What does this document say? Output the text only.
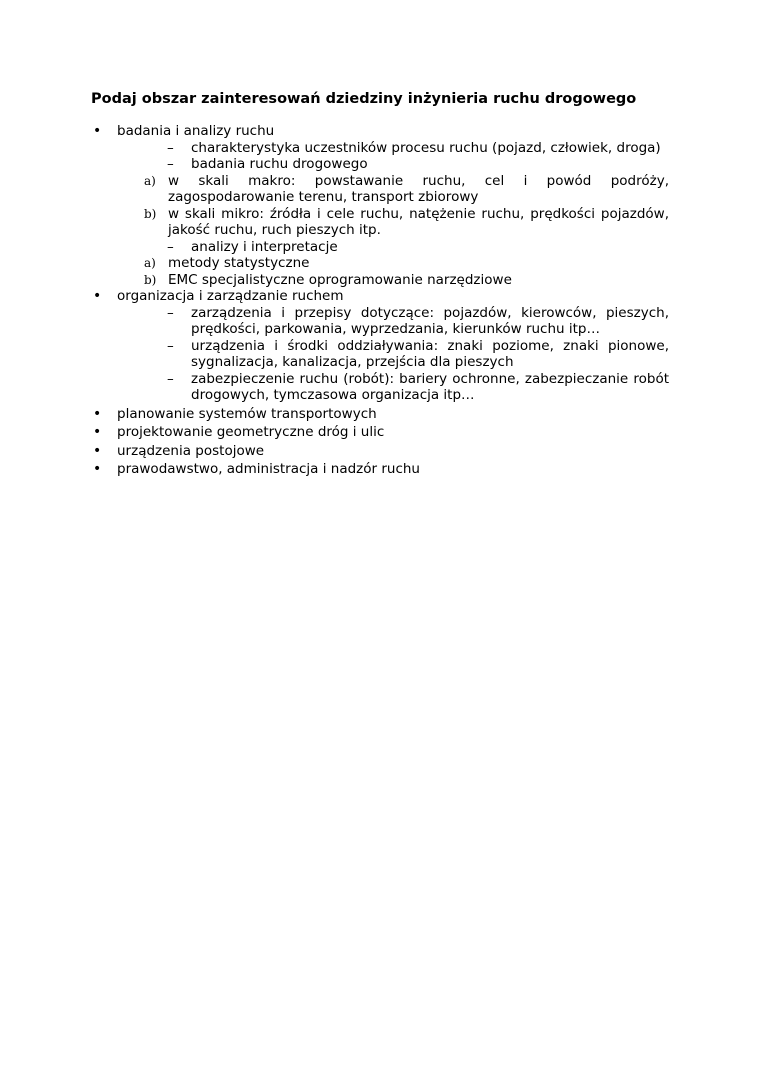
Podaj obszar zainteresowań dziedziny inżynieria ruchu drogowego
• badania i analizy ruchu
– charakterystyka uczestników procesu ruchu (pojazd, człowiek, droga)
– badania ruchu drogowego
a) w skali makro: powstawanie ruchu, cel i powód podróży, zagospodarowanie terenu, transport zbiorowy
b) w skali mikro: źródła i cele ruchu, natężenie ruchu, prędkości pojazdów, jakość ruchu, ruch pieszych itp.
– analizy i interpretacje
a) metody statystyczne
b) EMC specjalistyczne oprogramowanie narzędziowe
• organizacja i zarządzanie ruchem
– zarządzenia i przepisy dotyczące: pojazdów, kierowców, pieszych, prędkości, parkowania, wyprzedzania, kierunków ruchu itp…
– urządzenia i środki oddziaływania: znaki poziome, znaki pionowe, sygnalizacja, kanalizacja, przejścia dla pieszych
– zabezpieczenie ruchu (robót): bariery ochronne, zabezpieczanie robót drogowych, tymczasowa organizacja itp…
• planowanie systemów transportowych
• projektowanie geometryczne dróg i ulic
• urządzenia postojowe
• prawodawstwo, administracja i nadzór ruchu
